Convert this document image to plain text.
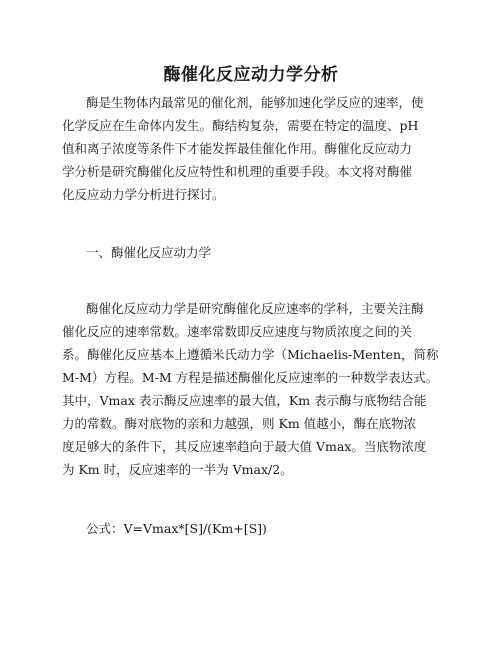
酶催化反应动力学分析
酶是生物体内最常见的催化剂，能够加速化学反应的速率，使
化学反应在生命体内发生。酶结构复杂，需要在特定的温度、pH
值和离子浓度等条件下才能发挥最佳催化作用。酶催化反应动力
学分析是研究酶催化反应特性和机理的重要手段。本文将对酶催
化反应动力学分析进行探讨。
一、酶催化反应动力学
酶催化反应动力学是研究酶催化反应速率的学科，主要关注酶
催化反应的速率常数。速率常数即反应速度与物质浓度之间的关
系。酶催化反应基本上遵循米氏动力学（Michaelis-Menten，简称
M-M）方程。M-M 方程是描述酶催化反应速率的一种数学表达式。
其中，Vmax 表示酶反应速率的最大值，Km 表示酶与底物结合能
力的常数。酶对底物的亲和力越强，则 Km 值越小，酶在底物浓
度足够大的条件下，其反应速率趋向于最大值 Vmax。当底物浓度
为 Km 时，反应速率的一半为 Vmax/2。
公式：V=Vmax*[S]/(Km+[S])
